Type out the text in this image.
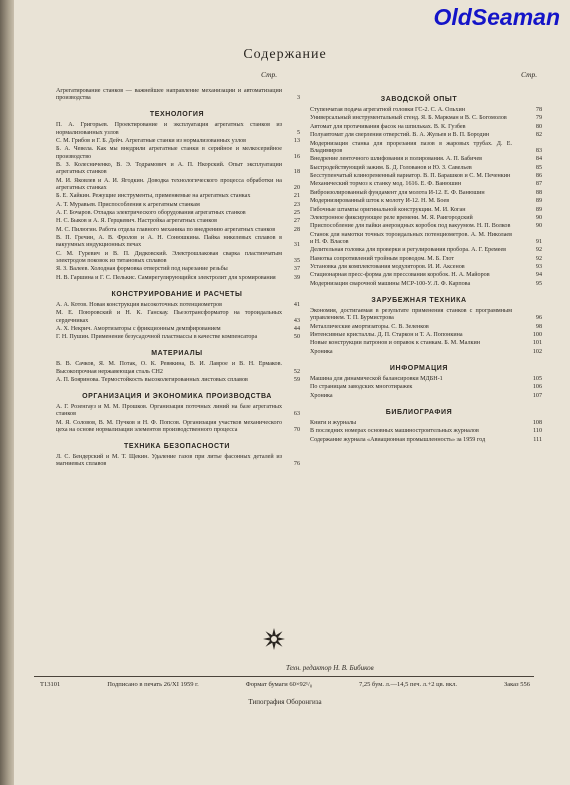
OldSeaman
Содержание
Стр.	Стр.
Агрегатирование станков — важнейшее направление механизации и автоматизации производства	3
ТЕХНОЛОГИЯ
П. А. Григорьев. Проектирование и эксплуатация агрегатных станков из нормализованных узлов	5
С. М. Грибов и Г. Б. Дейч. Агрегатные станки из нормализованных узлов	13
Б. А. Чевела. Как мы внедрили агрегатные станки в серийное и мелкосерийное производство	16
В. З. Колесниченко, В. Э. Тодрамович и А. П. Нкорский. Опыт эксплуатации агрегатных станков	18
М. И. Яковлев и А. И. Ягодкин. Доводка технологического процесса обработки на агрегатных станках	20
Б. Е. Хайкин. Режущие инструменты, применяемые на агрегатных станках	21
А. Т. Муравьев. Приспособления к агрегатным станкам	23
А. Г. Бочаров. Отладка электрического оборудования агрегатных станков	25
Н. С. Быков и А. Я. Герцкевич. Настройка агрегатных станков	27
М. С. Пилюгин. Работа отдела главного механика по внедрению агрегатных станков	28
В. П. Гречин, А. В. Фролов и А. Н. Сонюшкина. Пайка никелевых сплавов в вакуумных индукционных печах	31
С. М. Гуревич и В. П. Дидковский. Электрошлаковая сварка пластинчатым электродом поковок из титановых сплавов	35
Я. З. Валеев. Холодная формовка отверстий под нарезание резьбы	37
Н. В. Гаршина и Г. С. Пелькис. Самирегулирующийся электролит для хромирования	39
КОНСТРУИРОВАНИЕ И РАСЧЕТЫ
А. А. Котов. Новая конструкция высокоточных потенциометров	41
М. Е. Поюровский и Н. К. Ганскау. Пьезотрансформатор на тороидальных сердечниках	43
А. Х. Некрич. Амортизаторы с фрикционным демпфированием	44
Г. Н. Пушин. Применение безусадочной пластмассы в качестве компенсатора	50
МАТЕРИАЛЫ
В. В. Сачков, Я. М. Потак, О. К. Ревякина, В. И. Лаврое и В. Н. Ермаков. Высокопрочная нержавеющая сталь СН2	52
А. П. Бояринова. Термостойкость высоколегированных листовых сплавов	59
ОРГАНИЗАЦИЯ И ЭКОНОМИКА ПРОИЗВОДСТВА
А. Г. Розенгауз и М. М. Прошков. Организация поточных линий на базе агрегатных станков	63
М. Я. Соловов, В. М. Пучков и Н. Ф. Попсов. Организация участков механического цеха на основе нормализации элементов производственного процесса	70
ТЕХНИКА БЕЗОПАСНОСТИ
Л. С. Бендерский и М. Т. Щекин. Удаление газов при литье фасонных деталей из магниевых сплавов	76
ЗАВОДСКОЙ ОПЫТ
Ступенчатая подача агрегатной головки ГС-2. С. А. Ольхин	78
Универсальный инструментальный стенд. Я. Б. Маркман и В. С. Богомолов	79
Автомат для протачивания фасок на шпильках. В. К. Гузбев	80
Полуавтомат для сверления отверстий. В. А. Жульев и В. П. Бородин	82
Модернизация станка для прорезания пазов в жаровых трубах. Д. Е. Владимиров	83
Внедрение ленточного шлифования и полирования. А. П. Бабичев	84
Быстродействующий зажим. Б. Д. Голованов и Ю. З. Савельев	85
Бесступенчатый клиноременный вариатор. В. П. Барашков и С. М. Печенкин	86
Механический тормоз к станку мод. 1616. Е. Ф. Ванюшин	87
Виброизолированный фундамент для молота И-12. Е. Ф. Ванюшин	88
Модернизированный шток к молоту И-12. Н. М. Боев	89
Гибочные штампы оригинальной конструкции. М. И. Коган	89
Электронное фиксирующее реле времени. М. Я. Раигородский	90
Приспособление для пайки анероидных коробок под вакуумом. Н. П. Волков	90
Станок для намотки точных тороидальных потенциометров. А. М. Николаев и Н. Ф. Власов	91
Делительная головка для проверки и регулирования пробора. А. Г. Еремеев	92
Намотка сопротивлений тройным проводом. М. Б. Глот	92
Установка для комплектования модуляторов. И. И. Аксенов	93
Стационарная пресс-форма для прессования коробок. Н. А. Майоров	94
Модернизация сварочной машины МСР-100-У. Л. Ф. Карпова	95
ЗАРУБЕЖНАЯ ТЕХНИКА
Экономия, достигаемая в результате применения станков с программным управлением. Т. П. Бурмистрова	96
Металлические амортизаторы. С. В. Зеленков	98
Интенсивные кристаллы. Д. П. Старкон и Т. А. Попонкина	100
Новые конструкции патронов и оправок к станкам. Б. М. Малкин	101
Хроника	102
ИНФОРМАЦИЯ
Машина для динамической балансировки МДБН-1	105
По страницам заводских многотиражек	106
Хроника	107
БИБЛИОГРАФИЯ
Книги и журналы	108
В последних номерах основных машиностроительных журналов	110
Содержание журнала «Авиационная промышленность» за 1959 год	111
Техн. редактор Н. В. Бибиков
Т13101	Подписано в печать 26/XI 1959 г.	Формат бумаги 60×92¹/₈	7,25 бум. л.—14,5 печ. л.+2 цв. вкл.	Заказ 556
Типография Оборонгиза
